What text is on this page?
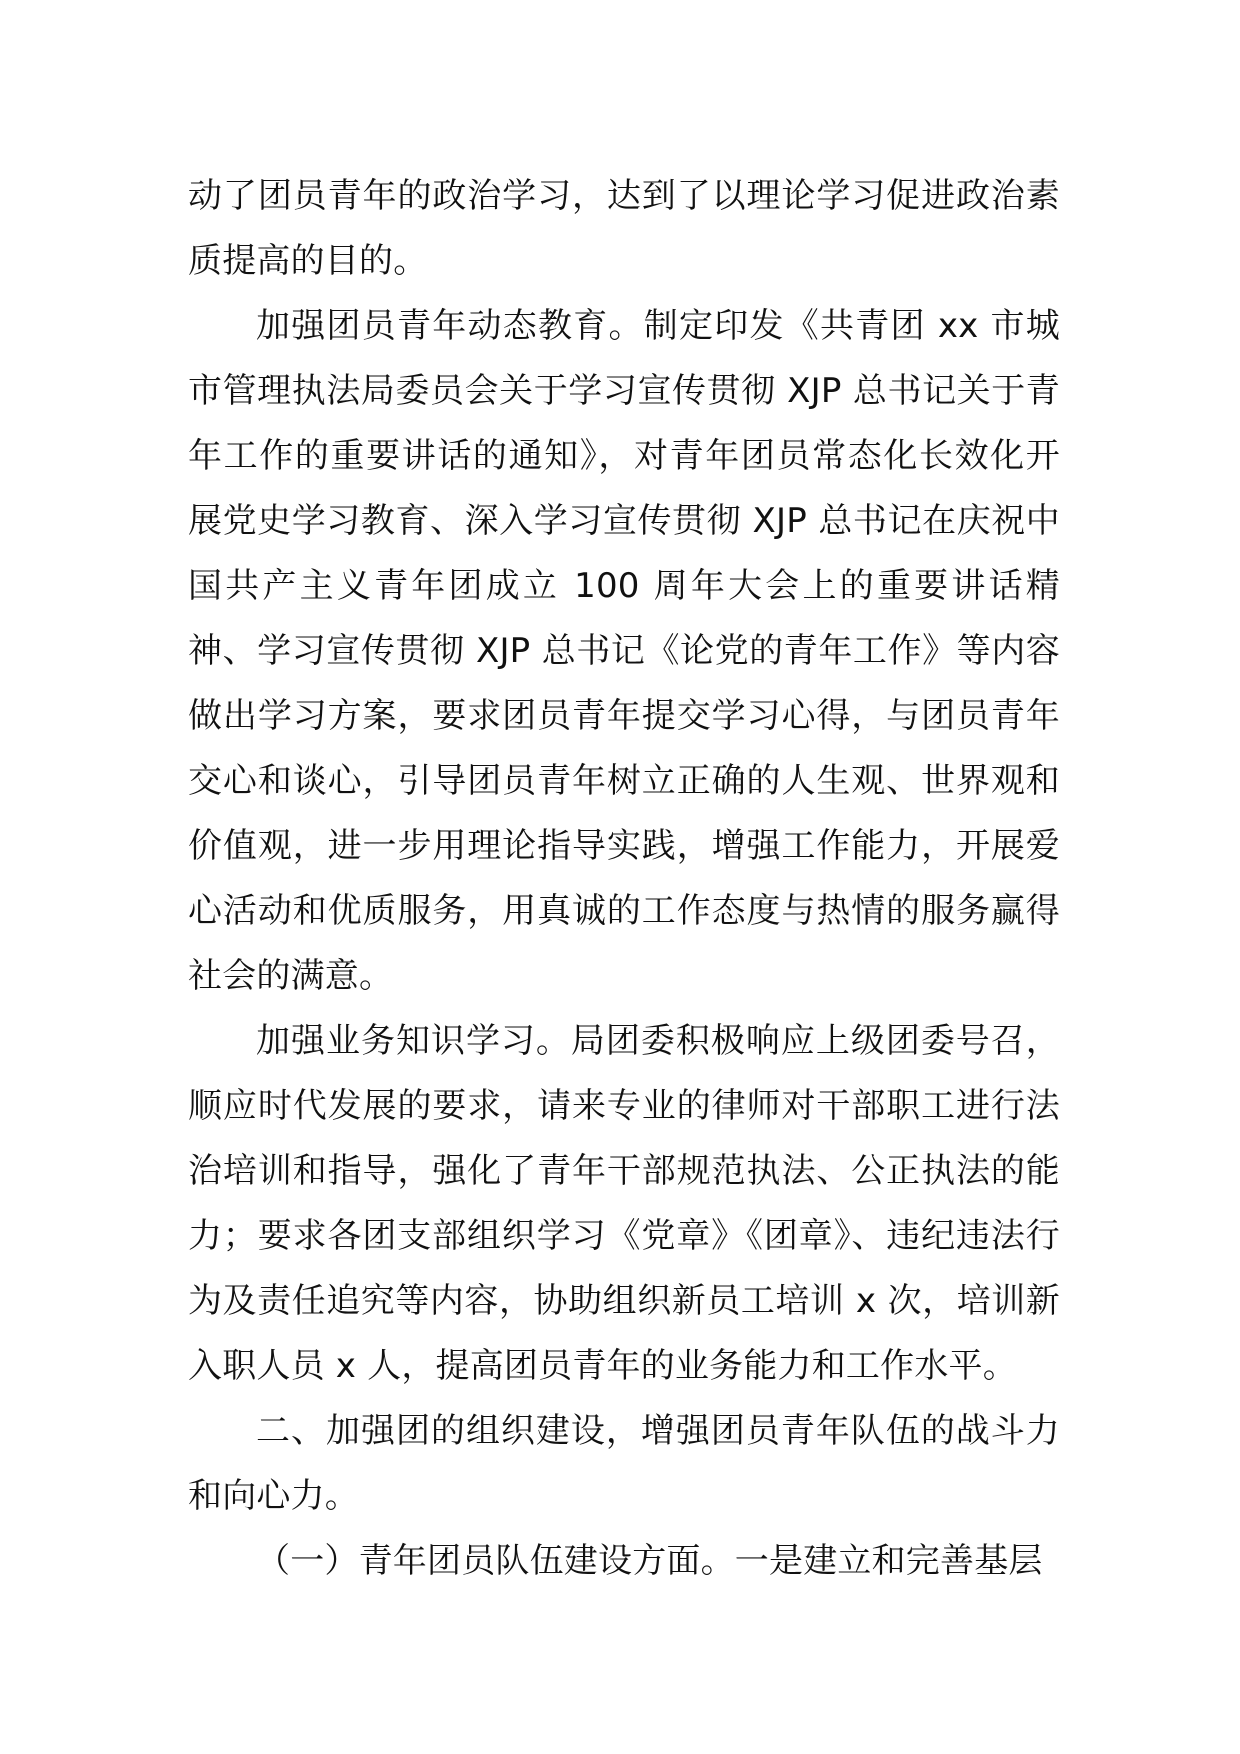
动了团员青年的政治学习，达到了以理论学习促进政治素质提高的目的。

加强团员青年动态教育。制定印发《共青团 xx 市城市管理执法局委员会关于学习宣传贯彻 XJP 总书记关于青年工作的重要讲话的通知》，对青年团员常态化长效化开展党史学习教育、深入学习宣传贯彻 XJP 总书记在庆祝中国共产主义青年团成立 100 周年大会上的重要讲话精神、学习宣传贯彻 XJP 总书记《论党的青年工作》等内容做出学习方案，要求团员青年提交学习心得，与团员青年交心和谈心，引导团员青年树立正确的人生观、世界观和价值观，进一步用理论指导实践，增强工作能力，开展爱心活动和优质服务，用真诚的工作态度与热情的服务赢得社会的满意。

加强业务知识学习。局团委积极响应上级团委号召，顺应时代发展的要求，请来专业的律师对干部职工进行法治培训和指导，强化了青年干部规范执法、公正执法的能力；要求各团支部组织学习《党章》《团章》、违纪违法行为及责任追究等内容，协助组织新员工培训 x 次，培训新入职人员 x 人，提高团员青年的业务能力和工作水平。

二、加强团的组织建设，增强团员青年队伍的战斗力和向心力。

（一）青年团员队伍建设方面。一是建立和完善基层
